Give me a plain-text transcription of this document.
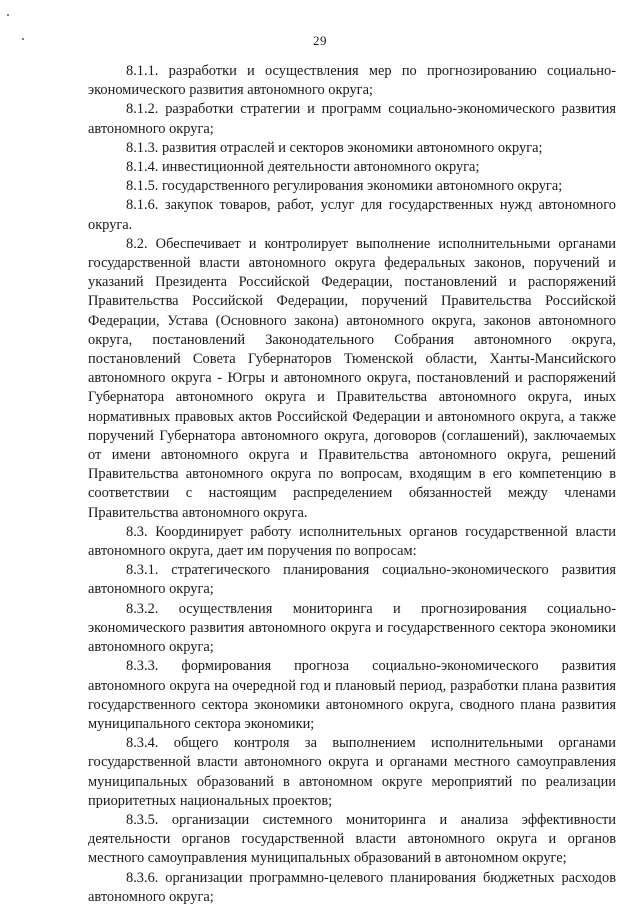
29

8.1.1. разработки и осуществления мер по прогнозированию социально-экономического развития автономного округа;

8.1.2. разработки стратегии и программ социально-экономического развития автономного округа;

8.1.3. развития отраслей и секторов экономики автономного округа;

8.1.4. инвестиционной деятельности автономного округа;

8.1.5. государственного регулирования экономики автономного округа;

8.1.6. закупок товаров, работ, услуг для государственных нужд автономного округа.

8.2. Обеспечивает и контролирует выполнение исполнительными органами государственной власти автономного округа федеральных законов, поручений и указаний Президента Российской Федерации, постановлений и распоряжений Правительства Российской Федерации, поручений Правительства Российской Федерации, Устава (Основного закона) автономного округа, законов автономного округа, постановлений Законодательного Собрания автономного округа, постановлений Совета Губернаторов Тюменской области, Ханты-Мансийского автономного округа - Югры и автономного округа, постановлений и распоряжений Губернатора автономного округа и Правительства автономного округа, иных нормативных правовых актов Российской Федерации и автономного округа, а также поручений Губернатора автономного округа, договоров (соглашений), заключаемых от имени автономного округа и Правительства автономного округа, решений Правительства автономного округа по вопросам, входящим в его компетенцию в соответствии с настоящим распределением обязанностей между членами Правительства автономного округа.

8.3. Координирует работу исполнительных органов государственной власти автономного округа, дает им поручения по вопросам:

8.3.1. стратегического планирования социально-экономического развития автономного округа;

8.3.2. осуществления мониторинга и прогнозирования социально-экономического развития автономного округа и государственного сектора экономики автономного округа;

8.3.3. формирования прогноза социально-экономического развития автономного округа на очередной год и плановый период, разработки плана развития государственного сектора экономики автономного округа, сводного плана развития муниципального сектора экономики;

8.3.4. общего контроля за выполнением исполнительными органами государственной власти автономного округа и органами местного самоуправления муниципальных образований в автономном округе мероприятий по реализации приоритетных национальных проектов;

8.3.5. организации системного мониторинга и анализа эффективности деятельности органов государственной власти автономного округа и органов местного самоуправления муниципальных образований в автономном округе;

8.3.6. организации программно-целевого планирования бюджетных расходов автономного округа;
